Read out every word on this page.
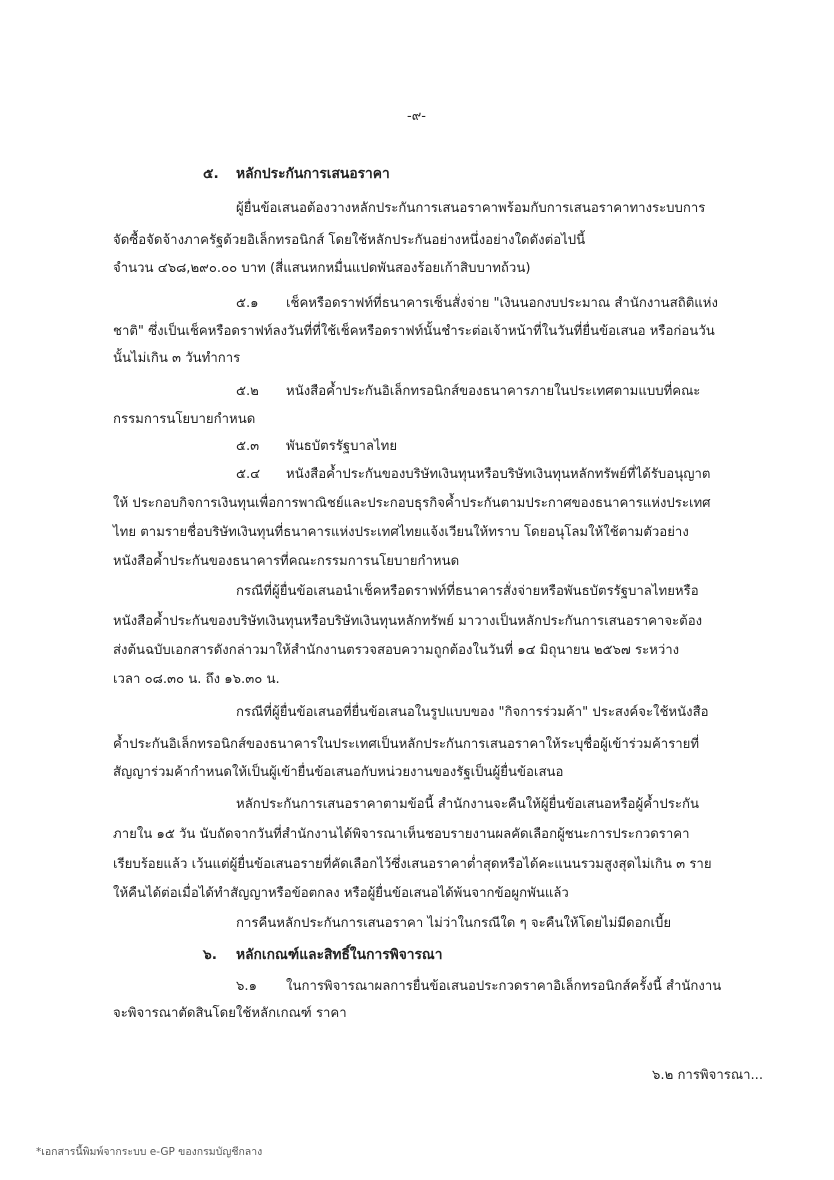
-๙-
๕. หลักประกันการเสนอราคา
ผู้ยื่นข้อเสนอต้องวางหลักประกันการเสนอราคาพร้อมกับการเสนอราคาทางระบบการ
จัดซื้อจัดจ้างภาครัฐด้วยอิเล็กทรอนิกส์ โดยใช้หลักประกันอย่างหนึ่งอย่างใดดังต่อไปนี้
จำนวน ๔๖๘,๒๙๐.๐๐ บาท (สี่แสนหกหมื่นแปดพันสองร้อยเก้าสิบบาทถ้วน)
๕.๑ เช็คหรือดราฟท์ที่ธนาคารเซ็นสั่งจ่าย "เงินนอกงบประมาณ สำนักงานสถิติแห่ง
ชาติ" ซึ่งเป็นเช็คหรือดราฟท์ลงวันที่ที่ใช้เช็คหรือดราฟท์นั้นชำระต่อเจ้าหน้าที่ในวันที่ยื่นข้อเสนอ หรือก่อนวัน
นั้นไม่เกิน ๓ วันทำการ
๕.๒ หนังสือค้ำประกันอิเล็กทรอนิกส์ของธนาคารภายในประเทศตามแบบที่คณะ
กรรมการนโยบายกำหนด
๕.๓ พันธบัตรรัฐบาลไทย
๕.๔ หนังสือค้ำประกันของบริษัทเงินทุนหรือบริษัทเงินทุนหลักทรัพย์ที่ได้รับอนุญาต
ให้ ประกอบกิจการเงินทุนเพื่อการพาณิชย์และประกอบธุรกิจค้ำประกันตามประกาศของธนาคารแห่งประเทศ
ไทย ตามรายชื่อบริษัทเงินทุนที่ธนาคารแห่งประเทศไทยแจ้งเวียนให้ทราบ โดยอนุโลมให้ใช้ตามตัวอย่าง
หนังสือค้ำประกันของธนาคารที่คณะกรรมการนโยบายกำหนด
กรณีที่ผู้ยื่นข้อเสนอนำเช็คหรือดราฟท์ที่ธนาคารสั่งจ่ายหรือพันธบัตรรัฐบาลไทยหรือ
หนังสือค้ำประกันของบริษัทเงินทุนหรือบริษัทเงินทุนหลักทรัพย์ มาวางเป็นหลักประกันการเสนอราคาจะต้อง
ส่งต้นฉบับเอกสารดังกล่าวมาให้สำนักงานตรวจสอบความถูกต้องในวันที่ ๑๔ มิถุนายน ๒๕๖๗ ระหว่าง
เวลา ๐๘.๓๐ น. ถึง ๑๖.๓๐ น.
กรณีที่ผู้ยื่นข้อเสนอที่ยื่นข้อเสนอในรูปแบบของ "กิจการร่วมค้า" ประสงค์จะใช้หนังสือ
ค้ำประกันอิเล็กทรอนิกส์ของธนาคารในประเทศเป็นหลักประกันการเสนอราคาให้ระบุชื่อผู้เข้าร่วมค้ารายที่
สัญญาร่วมค้ากำหนดให้เป็นผู้เข้ายื่นข้อเสนอกับหน่วยงานของรัฐเป็นผู้ยื่นข้อเสนอ
หลักประกันการเสนอราคาตามข้อนี้ สำนักงานจะคืนให้ผู้ยื่นข้อเสนอหรือผู้ค้ำประกัน
ภายใน ๑๕ วัน นับถัดจากวันที่สำนักงานได้พิจารณาเห็นชอบรายงานผลคัดเลือกผู้ชนะการประกวดราคา
เรียบร้อยแล้ว เว้นแต่ผู้ยื่นข้อเสนอรายที่คัดเลือกไว้ซึ่งเสนอราคาต่ำสุดหรือได้คะแนนรวมสูงสุดไม่เกิน ๓ ราย
ให้คืนได้ต่อเมื่อได้ทำสัญญาหรือข้อตกลง หรือผู้ยื่นข้อเสนอได้พ้นจากข้อผูกพันแล้ว
การคืนหลักประกันการเสนอราคา ไม่ว่าในกรณีใด ๆ จะคืนให้โดยไม่มีดอกเบี้ย
๖. หลักเกณฑ์และสิทธิ์ในการพิจารณา
๖.๑ ในการพิจารณาผลการยื่นข้อเสนอประกวดราคาอิเล็กทรอนิกส์ครั้งนี้ สำนักงาน
จะพิจารณาตัดสินโดยใช้หลักเกณฑ์ ราคา
๖.๒ การพิจารณา...
*เอกสารนี้พิมพ์จากระบบ e-GP ของกรมบัญชีกลาง
